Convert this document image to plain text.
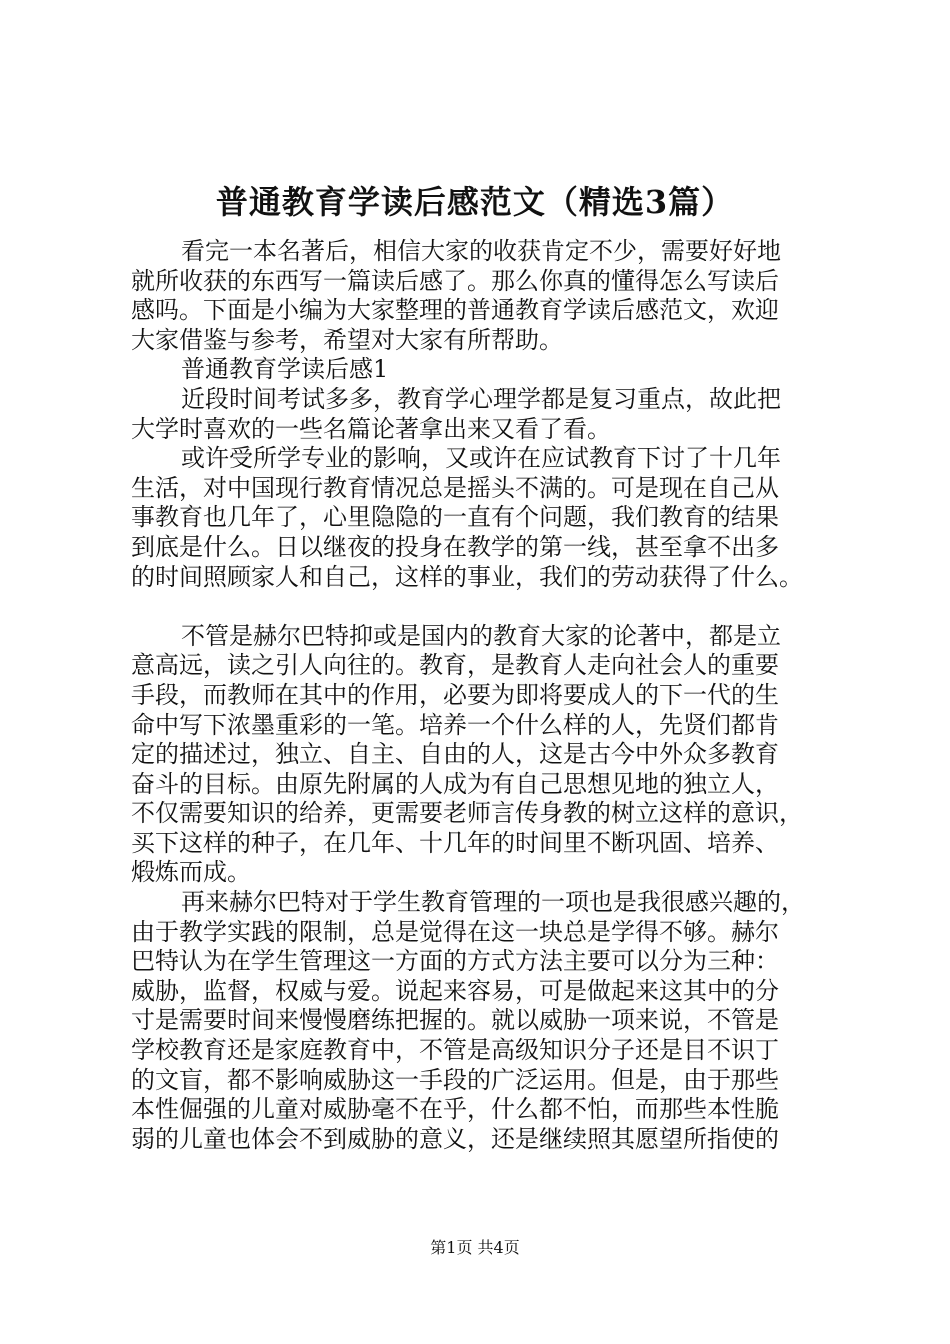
普通教育学读后感范文（精选3篇）

看完一本名著后，相信大家的收获肯定不少，需要好好地
就所收获的东西写一篇读后感了。那么你真的懂得怎么写读后
感吗。下面是小编为大家整理的普通教育学读后感范文，欢迎
大家借鉴与参考，希望对大家有所帮助。

普通教育学读后感1

近段时间考试多多，教育学心理学都是复习重点，故此把
大学时喜欢的一些名篇论著拿出来又看了看。

或许受所学专业的影响，又或许在应试教育下讨了十几年
生活，对中国现行教育情况总是摇头不满的。可是现在自己从
事教育也几年了，心里隐隐的一直有个问题，我们教育的结果
到底是什么。日以继夜的投身在教学的第一线，甚至拿不出多
的时间照顾家人和自己，这样的事业，我们的劳动获得了什么。

不管是赫尔巴特抑或是国内的教育大家的论著中，都是立
意高远，读之引人向往的。教育，是教育人走向社会人的重要
手段，而教师在其中的作用，必要为即将要成人的下一代的生
命中写下浓墨重彩的一笔。培养一个什么样的人，先贤们都肯
定的描述过，独立、自主、自由的人，这是古今中外众多教育
奋斗的目标。由原先附属的人成为有自己思想见地的独立人，
不仅需要知识的给养，更需要老师言传身教的树立这样的意识，
买下这样的种子，在几年、十几年的时间里不断巩固、培养、
煅炼而成。

再来赫尔巴特对于学生教育管理的一项也是我很感兴趣的，
由于教学实践的限制，总是觉得在这一块总是学得不够。赫尔
巴特认为在学生管理这一方面的方式方法主要可以分为三种：
威胁，监督，权威与爱。说起来容易，可是做起来这其中的分
寸是需要时间来慢慢磨练把握的。就以威胁一项来说，不管是
学校教育还是家庭教育中，不管是高级知识分子还是目不识丁
的文盲，都不影响威胁这一手段的广泛运用。但是，由于那些
本性倔强的儿童对威胁毫不在乎，什么都不怕，而那些本性脆
弱的儿童也体会不到威胁的意义，还是继续照其愿望所指使的

第1页 共4页
